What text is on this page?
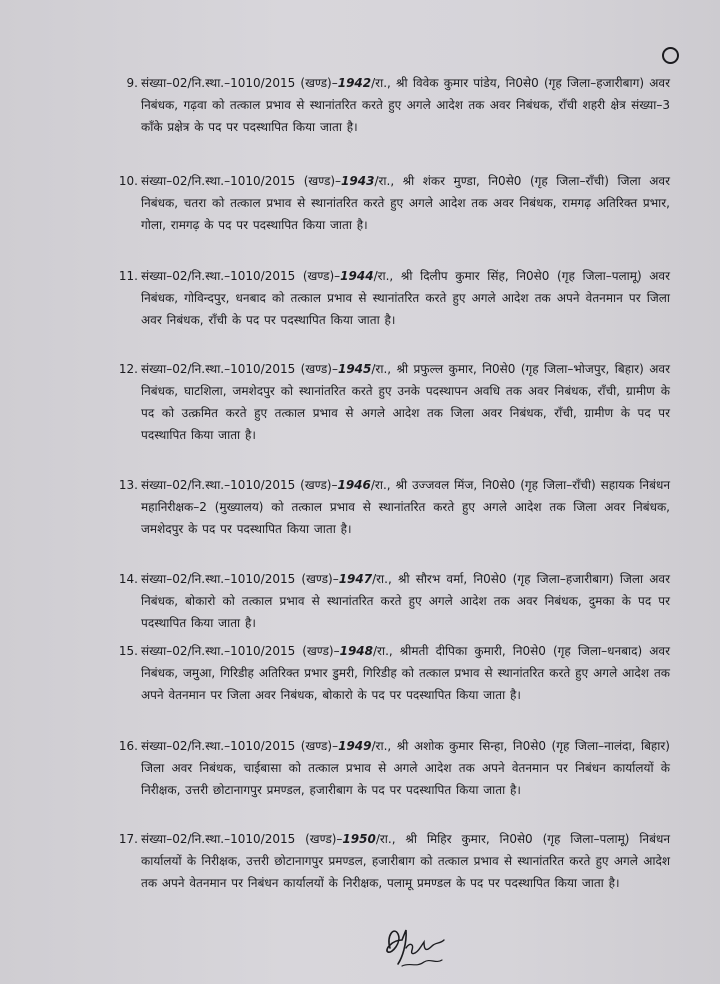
9. संख्या–02/नि.स्था.–1010/2015 (खण्ड)–1942/रा., श्री विवेक कुमार पांडेय, नि0से0 (गृह जिला–हजारीबाग) अवर निबंधक, गढ़वा को तत्काल प्रभाव से स्थानांतरित करते हुए अगले आदेश तक अवर निबंधक, राँची शहरी क्षेत्र संख्या–3 काँके प्रक्षेत्र के पद पर पदस्थापित किया जाता है।
10. संख्या–02/नि.स्था.–1010/2015 (खण्ड)–1943/रा., श्री शंकर मुण्डा, नि0से0 (गृह जिला–राँची) जिला अवर निबंधक, चतरा को तत्काल प्रभाव से स्थानांतरित करते हुए अगले आदेश तक अवर निबंधक, रामगढ़ अतिरिक्त प्रभार, गोला, रामगढ़ के पद पर पदस्थापित किया जाता है।
11. संख्या–02/नि.स्था.–1010/2015 (खण्ड)–1944/रा., श्री दिलीप कुमार सिंह, नि0से0 (गृह जिला–पलामू) अवर निबंधक, गोविन्दपुर, धनबाद को तत्काल प्रभाव से स्थानांतरित करते हुए अगले आदेश तक अपने वेतनमान पर जिला अवर निबंधक, राँची के पद पर पदस्थापित किया जाता है।
12. संख्या–02/नि.स्था.–1010/2015 (खण्ड)–1945/रा., श्री प्रफुल्ल कुमार, नि0से0 (गृह जिला–भोजपुर, बिहार) अवर निबंधक, घाटशिला, जमशेदपुर को स्थानांतरित करते हुए उनके पदस्थापन अवधि तक अवर निबंधक, राँची, ग्रामीण के पद को उत्क्रमित करते हुए तत्काल प्रभाव से अगले आदेश तक जिला अवर निबंधक, राँची, ग्रामीण के पद पर पदस्थापित किया जाता है।
13. संख्या–02/नि.स्था.–1010/2015 (खण्ड)–1946/रा., श्री उज्जवल मिंज, नि0से0 (गृह जिला–राँची) सहायक निबंधन महानिरीक्षक–2 (मुख्यालय) को तत्काल प्रभाव से स्थानांतरित करते हुए अगले आदेश तक जिला अवर निबंधक, जमशेदपुर के पद पर पदस्थापित किया जाता है।
14. संख्या–02/नि.स्था.–1010/2015 (खण्ड)–1947/रा., श्री सौरभ वर्मा, नि0से0 (गृह जिला–हजारीबाग) जिला अवर निबंधक, बोकारो को तत्काल प्रभाव से स्थानांतरित करते हुए अगले आदेश तक अवर निबंधक, दुमका के पद पर पदस्थापित किया जाता है।
15. संख्या–02/नि.स्था.–1010/2015 (खण्ड)–1948/रा., श्रीमती दीपिका कुमारी, नि0से0 (गृह जिला–धनबाद) अवर निबंधक, जमुआ, गिरिडीह अतिरिक्त प्रभार डुमरी, गिरिडीह को तत्काल प्रभाव से स्थानांतरित करते हुए अगले आदेश तक अपने वेतनमान पर जिला अवर निबंधक, बोकारो के पद पर पदस्थापित किया जाता है।
16. संख्या–02/नि.स्था.–1010/2015 (खण्ड)–1949/रा., श्री अशोक कुमार सिन्हा, नि0से0 (गृह जिला–नालंदा, बिहार) जिला अवर निबंधक, चाईबासा को तत्काल प्रभाव से अगले आदेश तक अपने वेतनमान पर निबंधन कार्यालयों के निरीक्षक, उत्तरी छोटानागपुर प्रमण्डल, हजारीबाग के पद पर पदस्थापित किया जाता है।
17. संख्या–02/नि.स्था.–1010/2015 (खण्ड)–1950/रा., श्री मिहिर कुमार, नि0से0 (गृह जिला–पलामू) निबंधन कार्यालयों के निरीक्षक, उत्तरी छोटानागपुर प्रमण्डल, हजारीबाग को तत्काल प्रभाव से स्थानांतरित करते हुए अगले आदेश तक अपने वेतनमान पर निबंधन कार्यालयों के निरीक्षक, पलामू प्रमण्डल के पद पर पदस्थापित किया जाता है।
